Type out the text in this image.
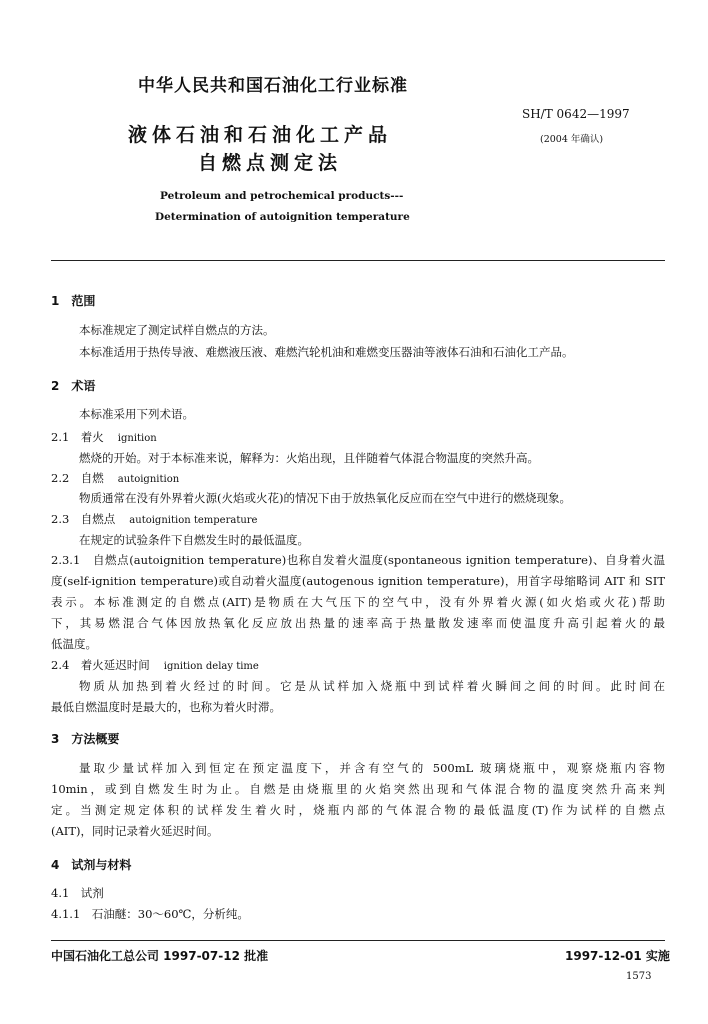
中华人民共和国石油化工行业标准
液体石油和石油化工产品
自燃点测定法
SH/T 0642—1997
(2004 年确认)
Petroleum and petrochemical products---
Determination of autoignition temperature
1　范围
本标准规定了测定试样自燃点的方法。
本标准适用于热传导液、难燃液压液、难燃汽轮机油和难燃变压器油等液体石油和石油化工产品。
2　术语
本标准采用下列术语。
2.1　着火 ignition
燃烧的开始。对于本标准来说，解释为：火焰出现，且伴随着气体混合物温度的突然升高。
2.2　自燃 autoignition
物质通常在没有外界着火源(火焰或火花)的情况下由于放热氧化反应而在空气中进行的燃烧现象。
2.3　自燃点 autoignition temperature
在规定的试验条件下自燃发生时的最低温度。
2.3.1　自燃点(autoignition temperature)也称自发着火温度(spontaneous ignition temperature)、自身着火温
度(self-ignition temperature)或自动着火温度(autogenous ignition temperature)，用首字母缩略词 AIT 和 SIT
表示。本标准测定的自燃点(AIT)是物质在大气压下的空气中，没有外界着火源(如火焰或火花)帮助
下，其易燃混合气体因放热氧化反应放出热量的速率高于热量散发速率而使温度升高引起着火的最
低温度。
2.4　着火延迟时间 ignition delay time
物质从加热到着火经过的时间。它是从试样加入烧瓶中到试样着火瞬间之间的时间。此时间在
最低自燃温度时是最大的，也称为着火时滞。
3　方法概要
量取少量试样加入到恒定在预定温度下，并含有空气的 500mL 玻璃烧瓶中，观察烧瓶内容物
10min，或到自燃发生时为止。自燃是由烧瓶里的火焰突然出现和气体混合物的温度突然升高来判
定。当测定规定体积的试样发生着火时，烧瓶内部的气体混合物的最低温度(T)作为试样的自燃点
(AIT)，同时记录着火延迟时间。
4　试剂与材料
4.1　试剂
4.1.1　石油醚：30～60℃，分析纯。
中国石油化工总公司 1997-07-12 批准	1997-12-01 实施
1573
